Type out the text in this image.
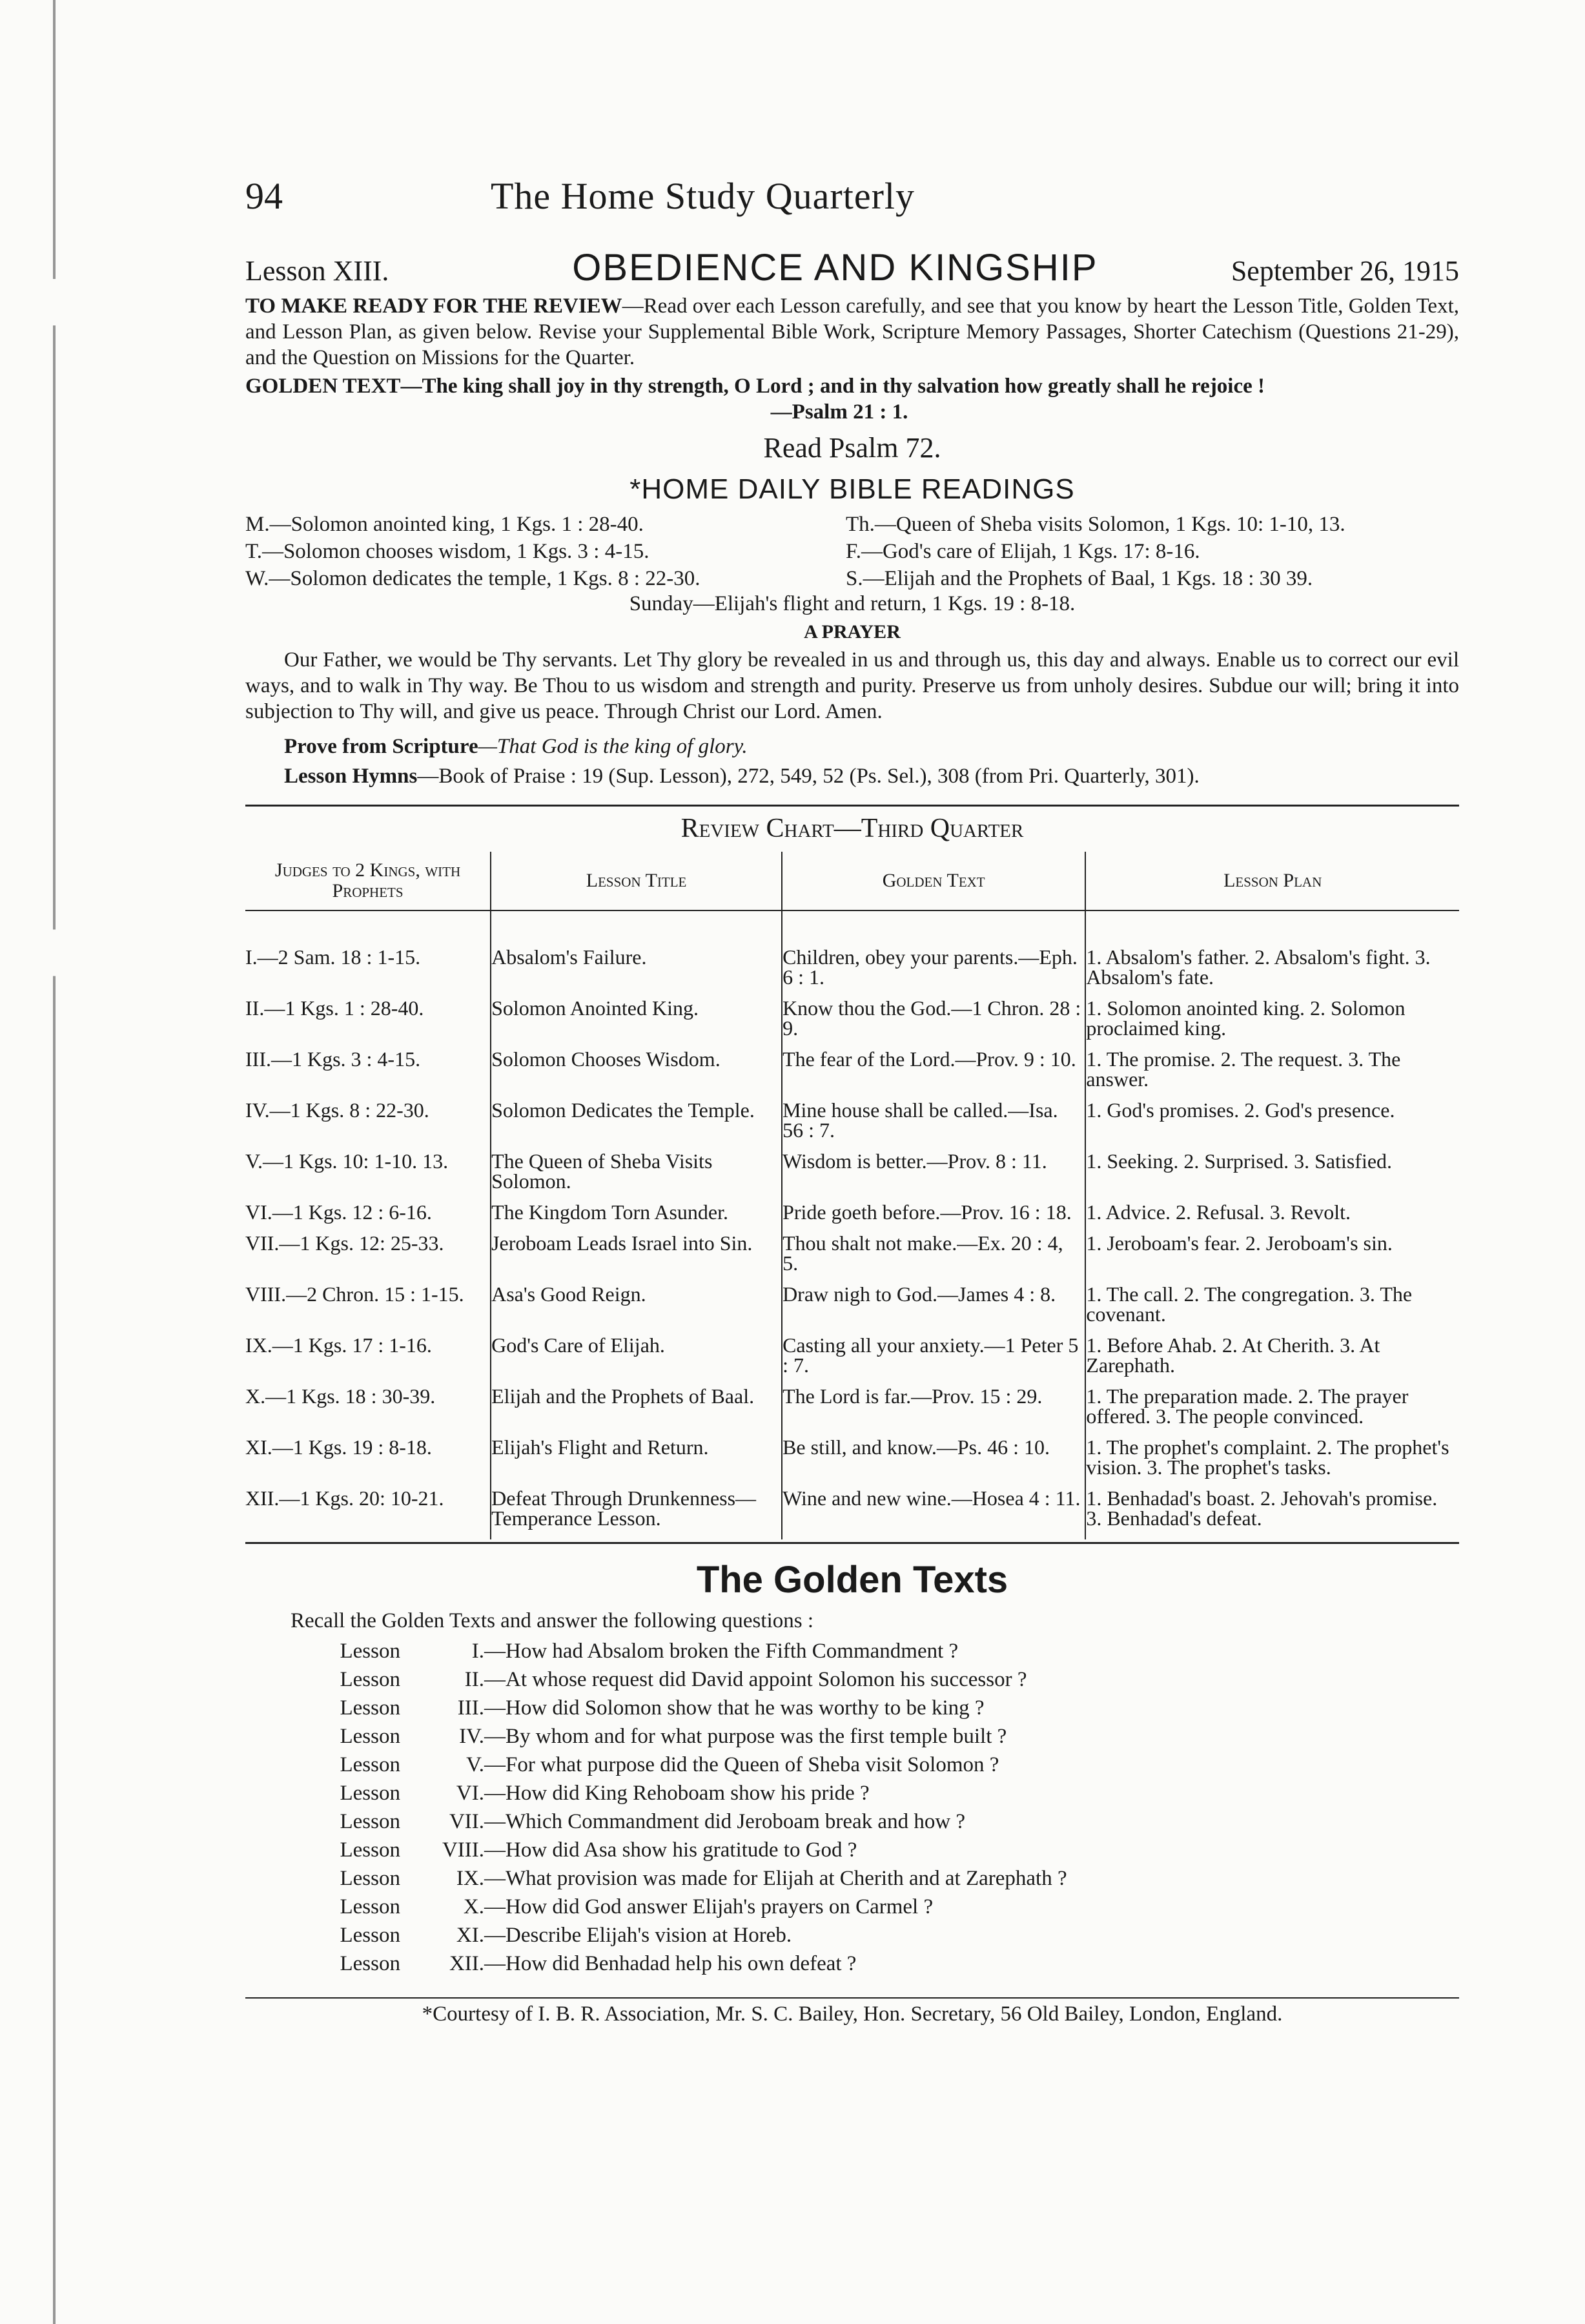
94	The Home Study Quarterly
Lesson XIII.	OBEDIENCE AND KINGSHIP	September 26, 1915

TO MAKE READY FOR THE REVIEW—Read over each Lesson carefully, and see that you know by heart the Lesson Title, Golden Text, and Lesson Plan, as given below. Revise your Supplemental Bible Work, Scripture Memory Passages, Shorter Catechism (Questions 21-29), and the Question on Missions for the Quarter.

GOLDEN TEXT—The king shall joy in thy strength, O Lord ; and in thy salvation how greatly shall he rejoice !

—Psalm 21 : 1.
Read Psalm 72.
*HOME DAILY BIBLE READINGS
M.—Solomon anointed king, 1 Kgs. 1 : 28-40.	Th.—Queen of Sheba visits Solomon, 1 Kgs. 10: 1-10, 13.
T.—Solomon chooses wisdom, 1 Kgs. 3 : 4-15.	F.—God's care of Elijah, 1 Kgs. 17: 8-16.
W.—Solomon dedicates the temple, 1 Kgs. 8 : 22-30.	S.—Elijah and the Prophets of Baal, 1 Kgs. 18 : 30 39.
Sunday—Elijah's flight and return, 1 Kgs. 19 : 8-18.
A PRAYER

Our Father, we would be Thy servants. Let Thy glory be revealed in us and through us, this day and always. Enable us to correct our evil ways, and to walk in Thy way. Be Thou to us wisdom and strength and purity. Preserve us from unholy desires. Subdue our will; bring it into subjection to Thy will, and give us peace. Through Christ our Lord. Amen.

Prove from Scripture—That God is the king of glory.

Lesson Hymns—Book of Praise : 19 (Sup. Lesson), 272, 549, 52 (Ps. Sel.), 308 (from Pri. Quarterly, 301).

Review Chart—Third Quarter
Judges to 2 Kings, with Prophets	Lesson Title	Golden Text	Lesson Plan
I.—2 Sam. 18 : 1-15.	Absalom's Failure.	Children, obey your parents.—Eph. 6 : 1.	1. Absalom's father. 2. Absalom's fight. 3. Absalom's fate.
II.—1 Kgs. 1 : 28-40.	Solomon Anointed King.	Know thou the God.—1 Chron. 28 : 9.	1. Solomon anointed king. 2. Solomon proclaimed king.
III.—1 Kgs. 3 : 4-15.	Solomon Chooses Wisdom.	The fear of the Lord.—Prov. 9 : 10.	1. The promise. 2. The request. 3. The answer.
IV.—1 Kgs. 8 : 22-30.	Solomon Dedicates the Temple.	Mine house shall be called.—Isa. 56 : 7.	1. God's promises. 2. God's presence.
V.—1 Kgs. 10: 1-10. 13.	The Queen of Sheba Visits Solomon.	Wisdom is better.—Prov. 8 : 11.	1. Seeking. 2. Surprised. 3. Satisfied.
VI.—1 Kgs. 12 : 6-16.	The Kingdom Torn Asunder.	Pride goeth before.—Prov. 16 : 18.	1. Advice. 2. Refusal. 3. Revolt.
VII.—1 Kgs. 12: 25-33.	Jeroboam Leads Israel into Sin.	Thou shalt not make.—Ex. 20 : 4, 5.	1. Jeroboam's fear. 2. Jeroboam's sin.
VIII.—2 Chron. 15 : 1-15.	Asa's Good Reign.	Draw nigh to God.—James 4 : 8.	1. The call. 2. The congregation. 3. The covenant.
IX.—1 Kgs. 17 : 1-16.	God's Care of Elijah.	Casting all your anxiety.—1 Peter 5 : 7.	1. Before Ahab. 2. At Cherith. 3. At Zarephath.
X.—1 Kgs. 18 : 30-39.	Elijah and the Prophets of Baal.	The Lord is far.—Prov. 15 : 29.	1. The preparation made. 2. The prayer offered. 3. The people convinced.
XI.—1 Kgs. 19 : 8-18.	Elijah's Flight and Return.	Be still, and know.—Ps. 46 : 10.	1. The prophet's complaint. 2. The prophet's vision. 3. The prophet's tasks.
XII.—1 Kgs. 20: 10-21.	Defeat Through Drunkenness—Temperance Lesson.	Wine and new wine.—Hosea 4 : 11.	1. Benhadad's boast. 2. Jehovah's promise. 3. Benhadad's defeat.
The Golden Texts
Recall the Golden Texts and answer the following questions :
Lesson	I. —How had Absalom broken the Fifth Commandment ?
Lesson	II. —At whose request did David appoint Solomon his successor ?
Lesson	III. —How did Solomon show that he was worthy to be king ?
Lesson	IV. —By whom and for what purpose was the first temple built ?
Lesson	V. —For what purpose did the Queen of Sheba visit Solomon ?
Lesson	VI. —How did King Rehoboam show his pride ?
Lesson	VII. —Which Commandment did Jeroboam break and how ?
Lesson	VIII. —How did Asa show his gratitude to God ?
Lesson	IX. —What provision was made for Elijah at Cherith and at Zarephath ?
Lesson	X. —How did God answer Elijah's prayers on Carmel ?
Lesson	XI. —Describe Elijah's vision at Horeb.
Lesson	XII. —How did Benhadad help his own defeat ?
*Courtesy of I. B. R. Association, Mr. S. C. Bailey, Hon. Secretary, 56 Old Bailey, London, England.
